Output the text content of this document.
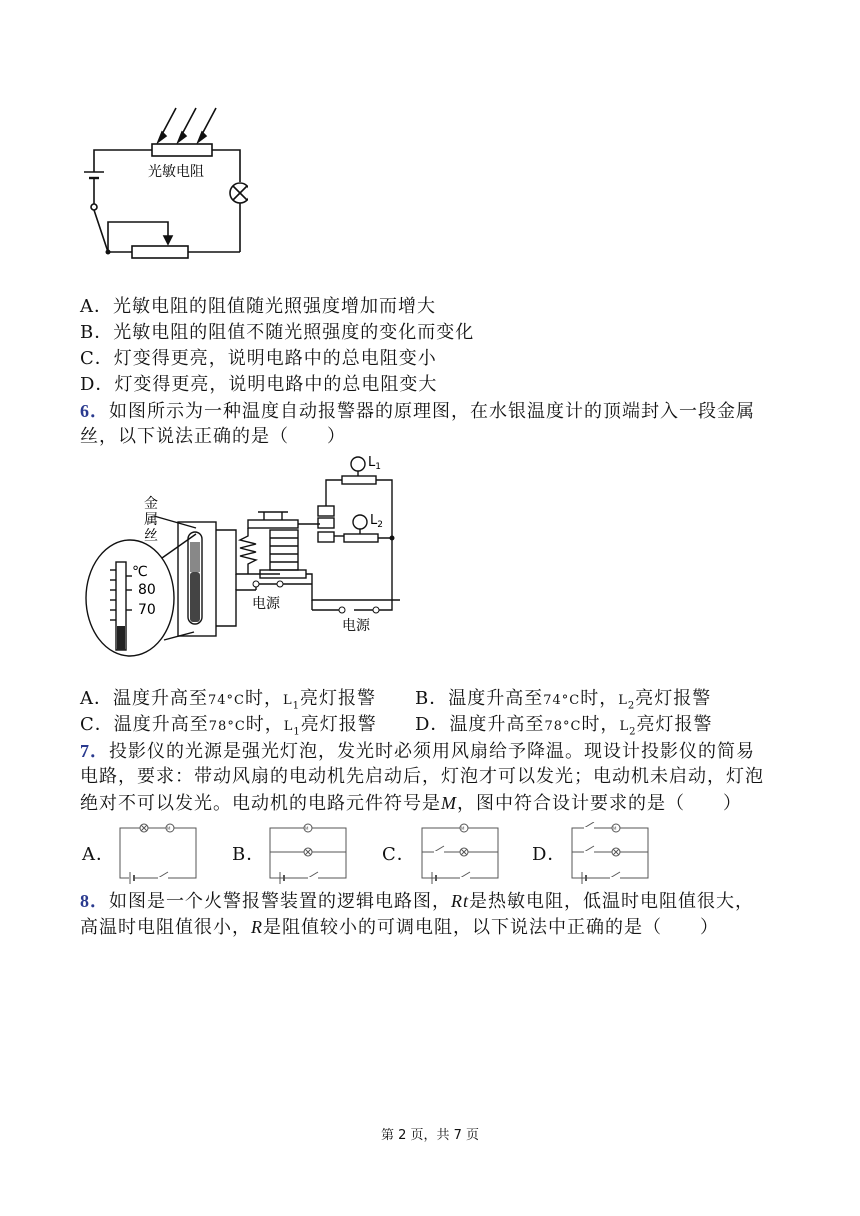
光敏电阻
A．光敏电阻的阻值随光照强度增加而增大
B．光敏电阻的阻值不随光照强度的变化而变化
C．灯变得更亮，说明电路中的总电阻变小
D．灯变得更亮，说明电路中的总电阻变大
6．如图所示为一种温度自动报警器的原理图，在水银温度计的顶端封入一段金属
丝，以下说法正确的是（　　）
金
属
丝
℃
80
70	电源
电源
$L_1$
$L_2$
A．温度升高至74°C时，$L_1$亮灯报警 B．温度升高至74°C时，$L_2$亮灯报警
C．温度升高至78°C时，$L_1$亮灯报警 D．温度升高至78°C时，$L_2$亮灯报警
7．投影仪的光源是强光灯泡，发光时必须用风扇给予降温。现设计投影仪的简易
电路，要求：带动风扇的电动机先启动后，灯泡才可以发光；电动机未启动，灯泡
绝对不可以发光。电动机的电路元件符号是M，图中符合设计要求的是（　　）
A．	B．	C．	D．
M	M	M	M
8．如图是一个火警报警装置的逻辑电路图，Rt是热敏电阻，低温时电阻值很大，
高温时电阻值很小，R是阻值较小的可调电阻，以下说法中正确的是（　　）
第 2 页，共 7 页
